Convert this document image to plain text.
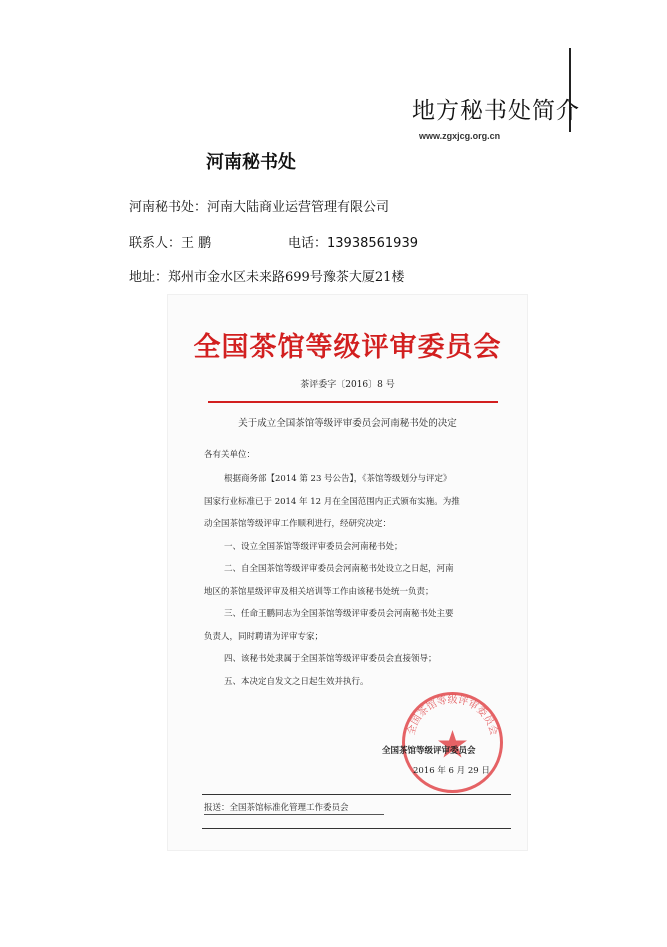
地方秘书处简介
www.zgxjcg.org.cn
河南秘书处
河南秘书处：河南大陆商业运营管理有限公司
联系人：王 鹏	电话：13938561939
地址：郑州市金水区未来路699号豫茶大厦21楼
全国茶馆等级评审委员会
茶评委字〔2016〕8 号
关于成立全国茶馆等级评审委员会河南秘书处的决定
各有关单位：

根据商务部【2014 第 23 号公告】，《茶馆等级划分与评定》

国家行业标准已于 2014 年 12 月在全国范围内正式颁布实施。为推

动全国茶馆等级评审工作顺利进行，经研究决定：

一、设立全国茶馆等级评审委员会河南秘书处；

二、自全国茶馆等级评审委员会河南秘书处设立之日起，河南

地区的茶馆星级评审及相关培训等工作由该秘书处统一负责；

三、任命王鹏同志为全国茶馆等级评审委员会河南秘书处主要

负责人，同时聘请为评审专家；

四、该秘书处隶属于全国茶馆等级评审委员会直接领导；

五、本决定自发文之日起生效并执行。

全国茶馆等级评审委员会
全国茶馆等级评审委员会
2016 年 6 月 29 日
报送：全国茶馆标准化管理工作委员会
